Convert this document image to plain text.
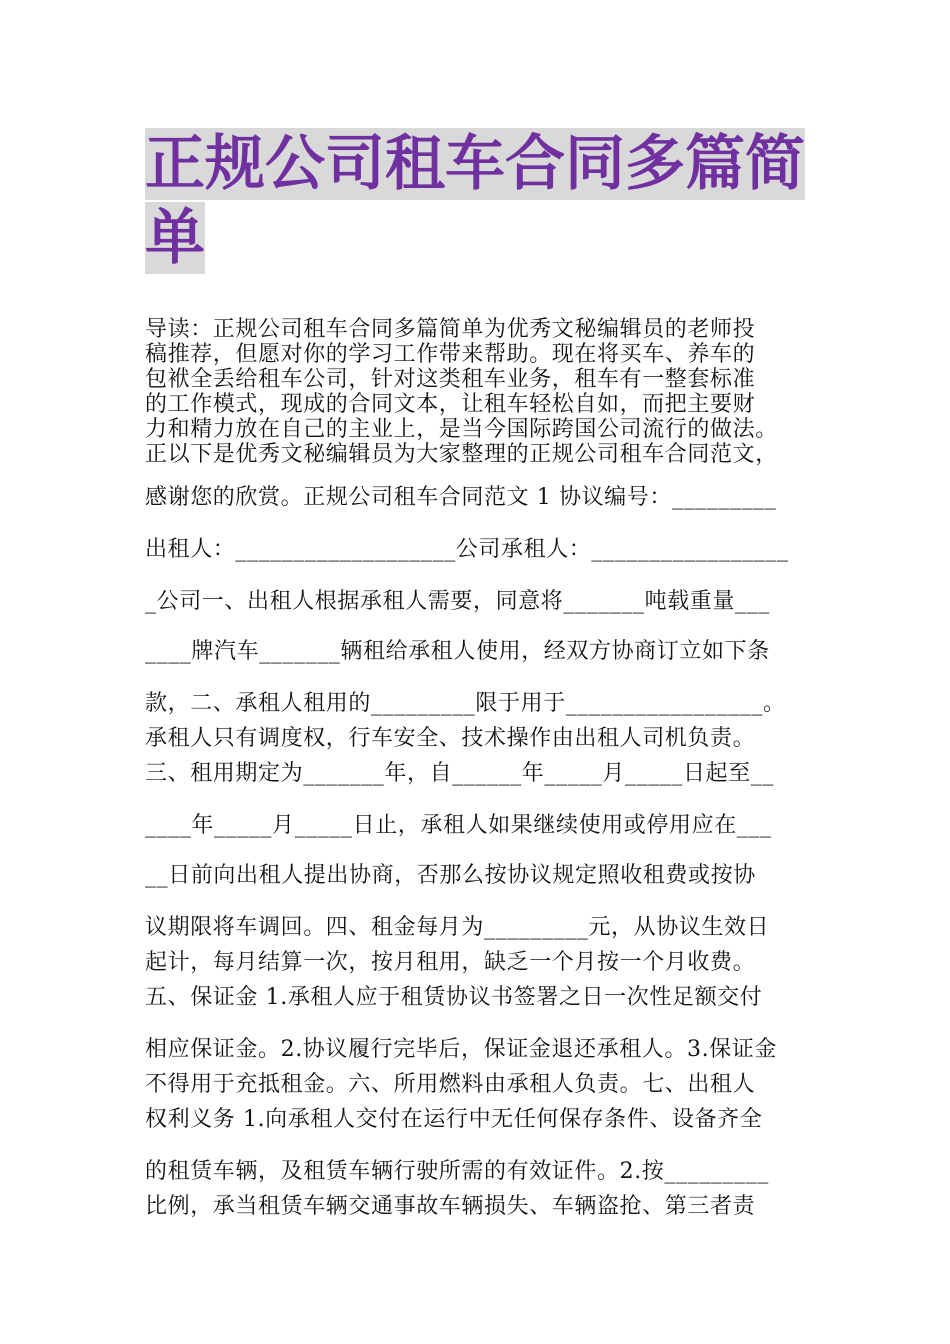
正规公司租车合同多篇简
单
导读：正规公司租车合同多篇简单为优秀文秘编辑员的老师投
稿推荐，但愿对你的学习工作带来帮助。现在将买车、养车的
包袱全丢给租车公司，针对这类租车业务，租车有一整套标准
的工作模式，现成的合同文本，让租车轻松自如，而把主要财
力和精力放在自己的主业上，是当今国际跨国公司流行的做法。
正以下是优秀文秘编辑员为大家整理的正规公司租车合同范文，
感谢您的欣赏。正规公司租车合同范文 1 协议编号：_________
出租人：___________________公司承租人：_________________
_公司一、出租人根据承租人需要，同意将_______吨载重量___
____牌汽车_______辆租给承租人使用，经双方协商订立如下条
款，二、承租人租用的_________限于用于_________________。
承租人只有调度权，行车安全、技术操作由出租人司机负责。
三、租用期定为_______年，自______年_____月_____日起至__
____年_____月_____日止，承租人如果继续使用或停用应在___
__日前向出租人提出协商，否那么按协议规定照收租费或按协
议期限将车调回。四、租金每月为_________元，从协议生效日
起计，每月结算一次，按月租用，缺乏一个月按一个月收费。
五、保证金 1.承租人应于租赁协议书签署之日一次性足额交付
相应保证金。2.协议履行完毕后，保证金退还承租人。3.保证金
不得用于充抵租金。六、所用燃料由承租人负责。七、出租人
权利义务 1.向承租人交付在运行中无任何保存条件、设备齐全
的租赁车辆，及租赁车辆行驶所需的有效证件。2.按_________
比例，承当租赁车辆交通事故车辆损失、车辆盗抢、第三者责
